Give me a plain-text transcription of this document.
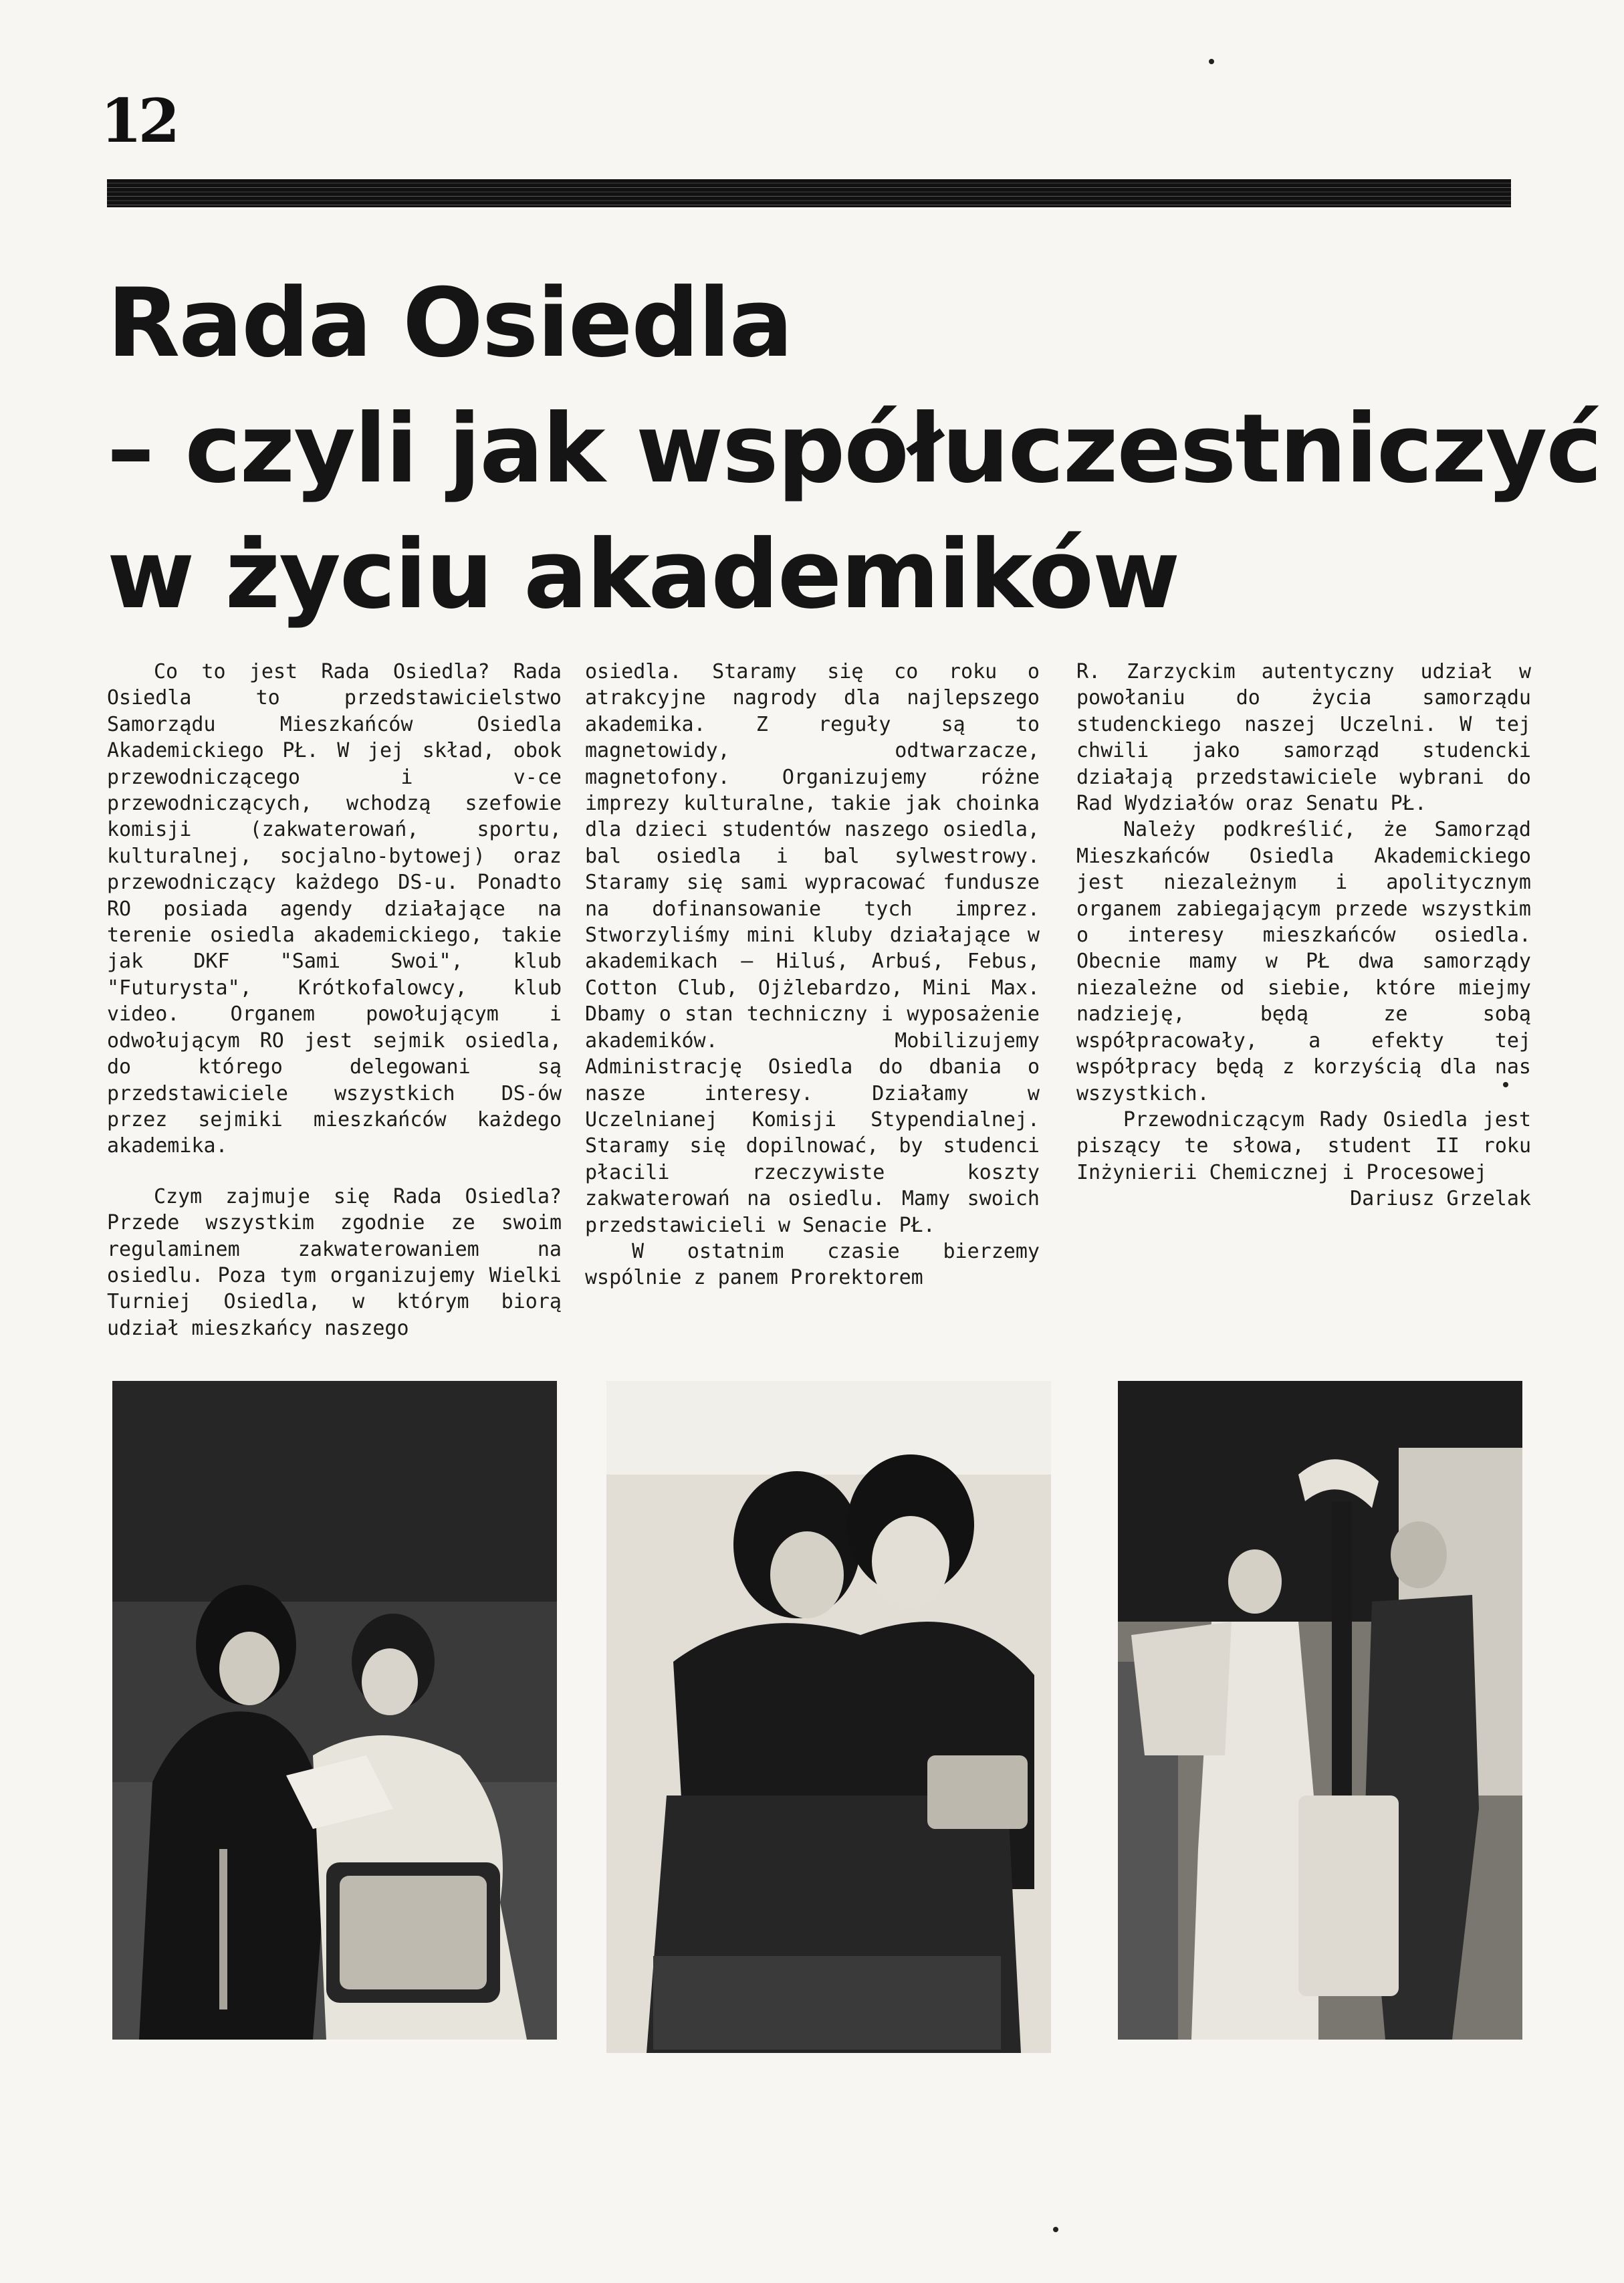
12
Rada Osiedla
– czyli jak współuczestniczyć
w życiu akademików

Co to jest Rada Osiedla? Rada Osiedla to przedstawicielstwo Samorządu Mieszkańców Osiedla Akademickiego PŁ. W jej skład, obok przewodniczącego i v-ce przewodniczących, wchodzą szefowie komisji (zakwaterowań, sportu, kulturalnej, socjalno-bytowej) oraz przewodniczący każdego DS-u. Ponadto RO posiada agendy działające na terenie osiedla akademickiego, takie jak DKF "Sami Swoi", klub "Futurysta", Krótkofalowcy, klub video. Organem powołującym i odwołującym RO jest sejmik osiedla, do którego delegowani są przedstawiciele wszystkich DS-ów przez sejmiki mieszkańców każdego akademika.

Czym zajmuje się Rada Osiedla? Przede wszystkim zgodnie ze swoim regulaminem zakwaterowaniem na osiedlu. Poza tym organizujemy Wielki Turniej Osiedla, w którym biorą udział mieszkańcy naszego

osiedla. Staramy się co roku o atrakcyjne nagrody dla najlepszego akademika. Z reguły są to magnetowidy, odtwarzacze, magnetofony. Organizujemy różne imprezy kulturalne, takie jak choinka dla dzieci studentów naszego osiedla, bal osiedla i bal sylwestrowy. Staramy się sami wypracować fundusze na dofinansowanie tych imprez. Stworzyliśmy mini kluby działające w akademikach – Hiluś, Arbuś, Febus, Cotton Club, Ojżlebardzo, Mini Max. Dbamy o stan techniczny i wyposażenie akademików. Mobilizujemy Administrację Osiedla do dbania o nasze interesy. Działamy w Uczelnianej Komisji Stypendialnej. Staramy się dopilnować, by studenci płacili rzeczywiste koszty zakwaterowań na osiedlu. Mamy swoich przedstawicieli w Senacie PŁ.

W ostatnim czasie bierzemy wspólnie z panem Prorektorem

R. Zarzyckim autentyczny udział w powołaniu do życia samorządu studenckiego naszej Uczelni. W tej chwili jako samorząd studencki działają przedstawiciele wybrani do Rad Wydziałów oraz Senatu PŁ.

Należy podkreślić, że Samorząd Mieszkańców Osiedla Akademickiego jest niezależnym i apolitycznym organem zabiegającym przede wszystkim o interesy mieszkańców osiedla. Obecnie mamy w PŁ dwa samorządy niezależne od siebie, które miejmy nadzieję, będą ze sobą współpracowały, a efekty tej współpracy będą z korzyścią dla nas wszystkich.

Przewodniczącym Rady Osiedla jest piszący te słowa, student II roku Inżynierii Chemicznej i Procesowej

Dariusz Grzelak
